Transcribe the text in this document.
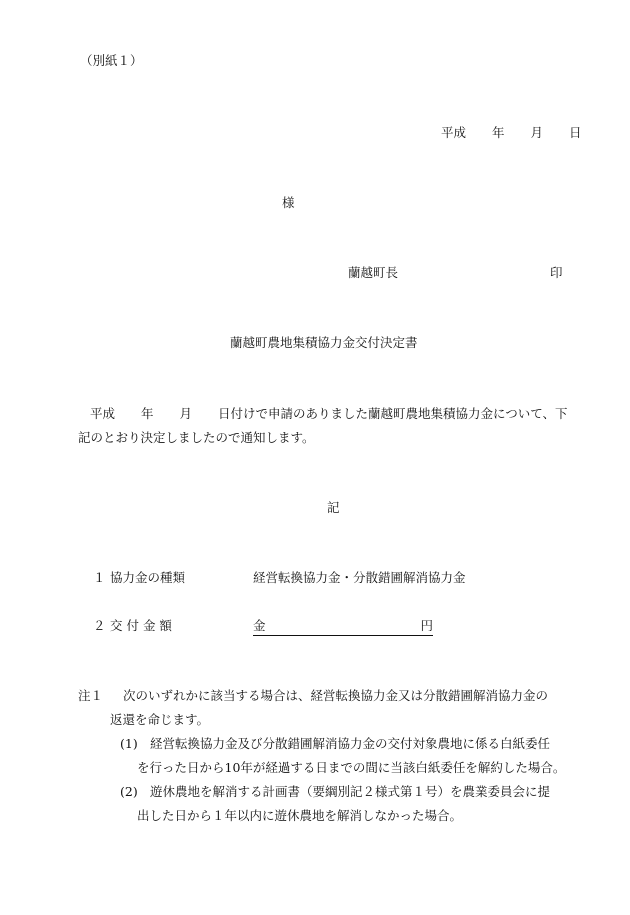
（別紙１）
平成 年 月 日
様
蘭越町長	印
蘭越町農地集積協力金交付決定書
平成 年 月 日付けで申請のありました蘭越町農地集積協力金について、下
記のとおり決定しましたので通知します。
記
１ 協力金の種類	経営転換協力金・分散錯圃解消協力金
２ 交 付 金 額	金	円
注１ 次のいずれかに該当する場合は、経営転換協力金又は分散錯圃解消協力金の
返還を命じます。
(1) 経営転換協力金及び分散錯圃解消協力金の交付対象農地に係る白紙委任
を行った日から10年が経過する日までの間に当該白紙委任を解約した場合。
(2) 遊休農地を解消する計画書（要綱別記２様式第１号）を農業委員会に提
出した日から１年以内に遊休農地を解消しなかった場合。
